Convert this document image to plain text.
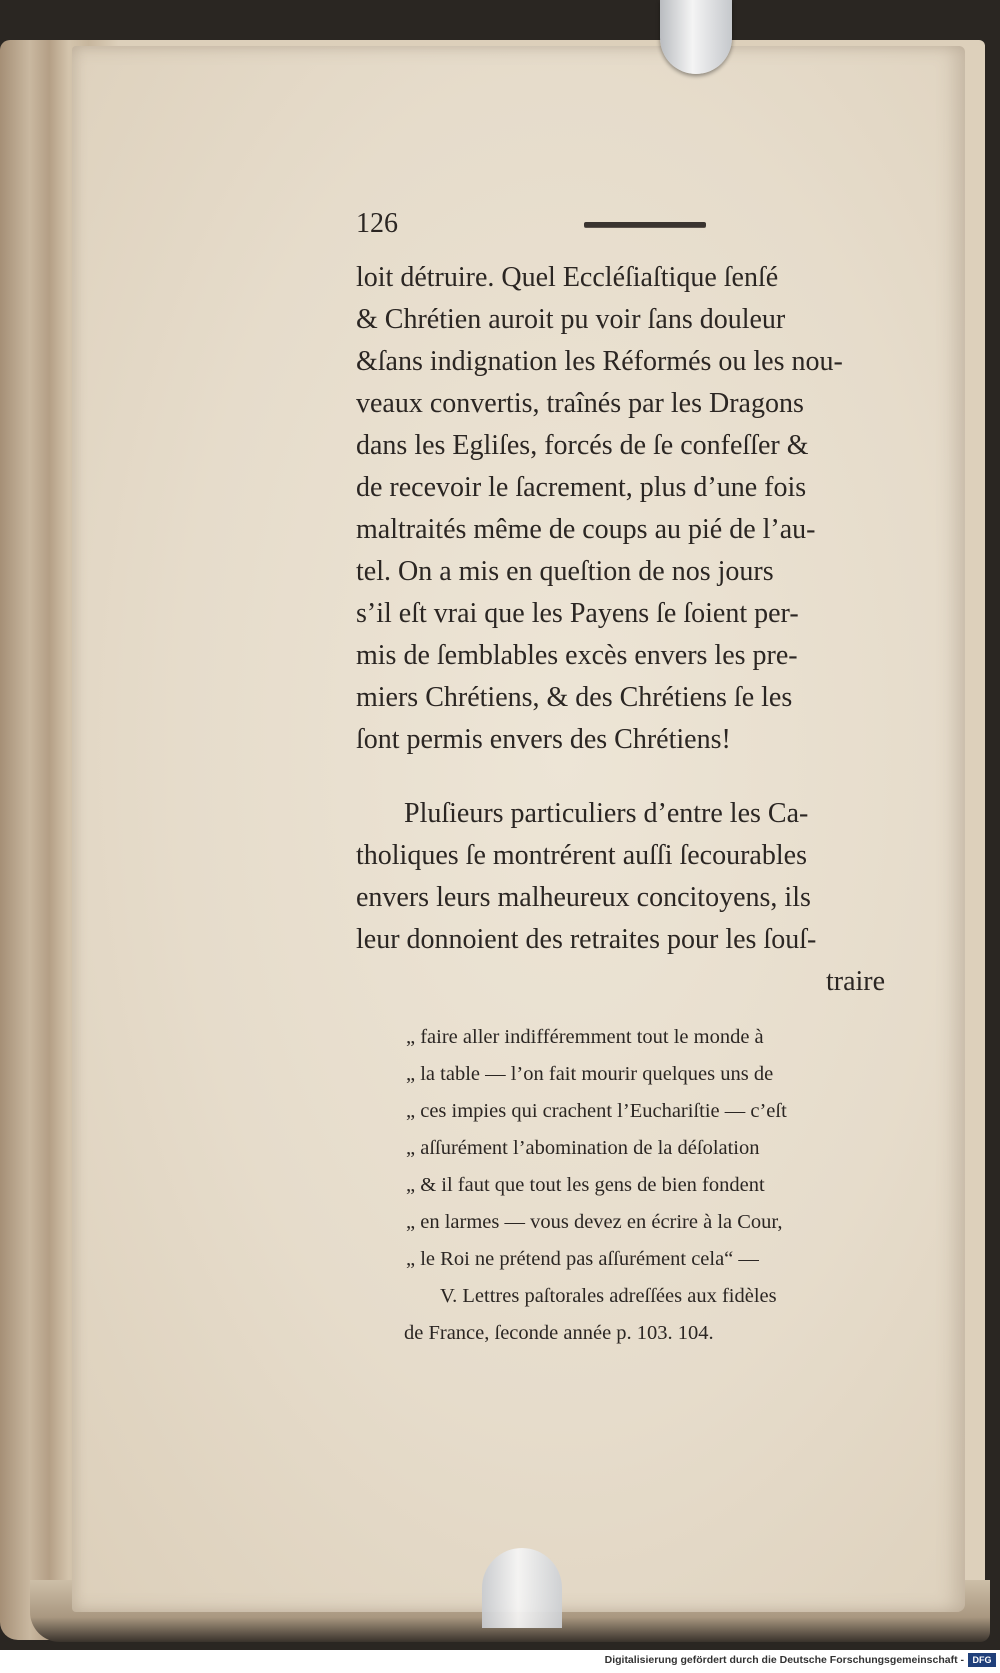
126
loit détruire. Quel Eccléſiaſtique ſenſé
& Chrétien auroit pu voir ſans douleur
&ſans indignation les Réformés ou les nou-
veaux convertis, traînés par les Dragons
dans les Egliſes, forcés de ſe confeſſer &
de recevoir le ſacrement, plus d’une fois
maltraités même de coups au pié de l’au-
tel. On a mis en queſtion de nos jours
s’il eſt vrai que les Payens ſe ſoient per-
mis de ſemblables excès envers les pre-
miers Chrétiens, & des Chrétiens ſe les
ſont permis envers des Chrétiens!
Pluſieurs particuliers d’entre les Ca-
tholiques ſe montrérent auſſi ſecourables
envers leurs malheureux concitoyens, ils
leur donnoient des retraites pour les ſouſ-
traire
„ faire aller indifféremment tout le monde à
„ la table — l’on fait mourir quelques uns de
„ ces impies qui crachent l’Euchariſtie — c’eſt
„ aſſurément l’abomination de la déſolation
„ & il faut que tout les gens de bien fondent
„ en larmes — vous devez en écrire à la Cour,
„ le Roi ne prétend pas aſſurément cela“ —
V. Lettres paſtorales adreſſées aux fidèles
de France, ſeconde année p. 103. 104.
Digitalisierung gefördert durch die Deutsche Forschungsgemeinschaft - DFG
